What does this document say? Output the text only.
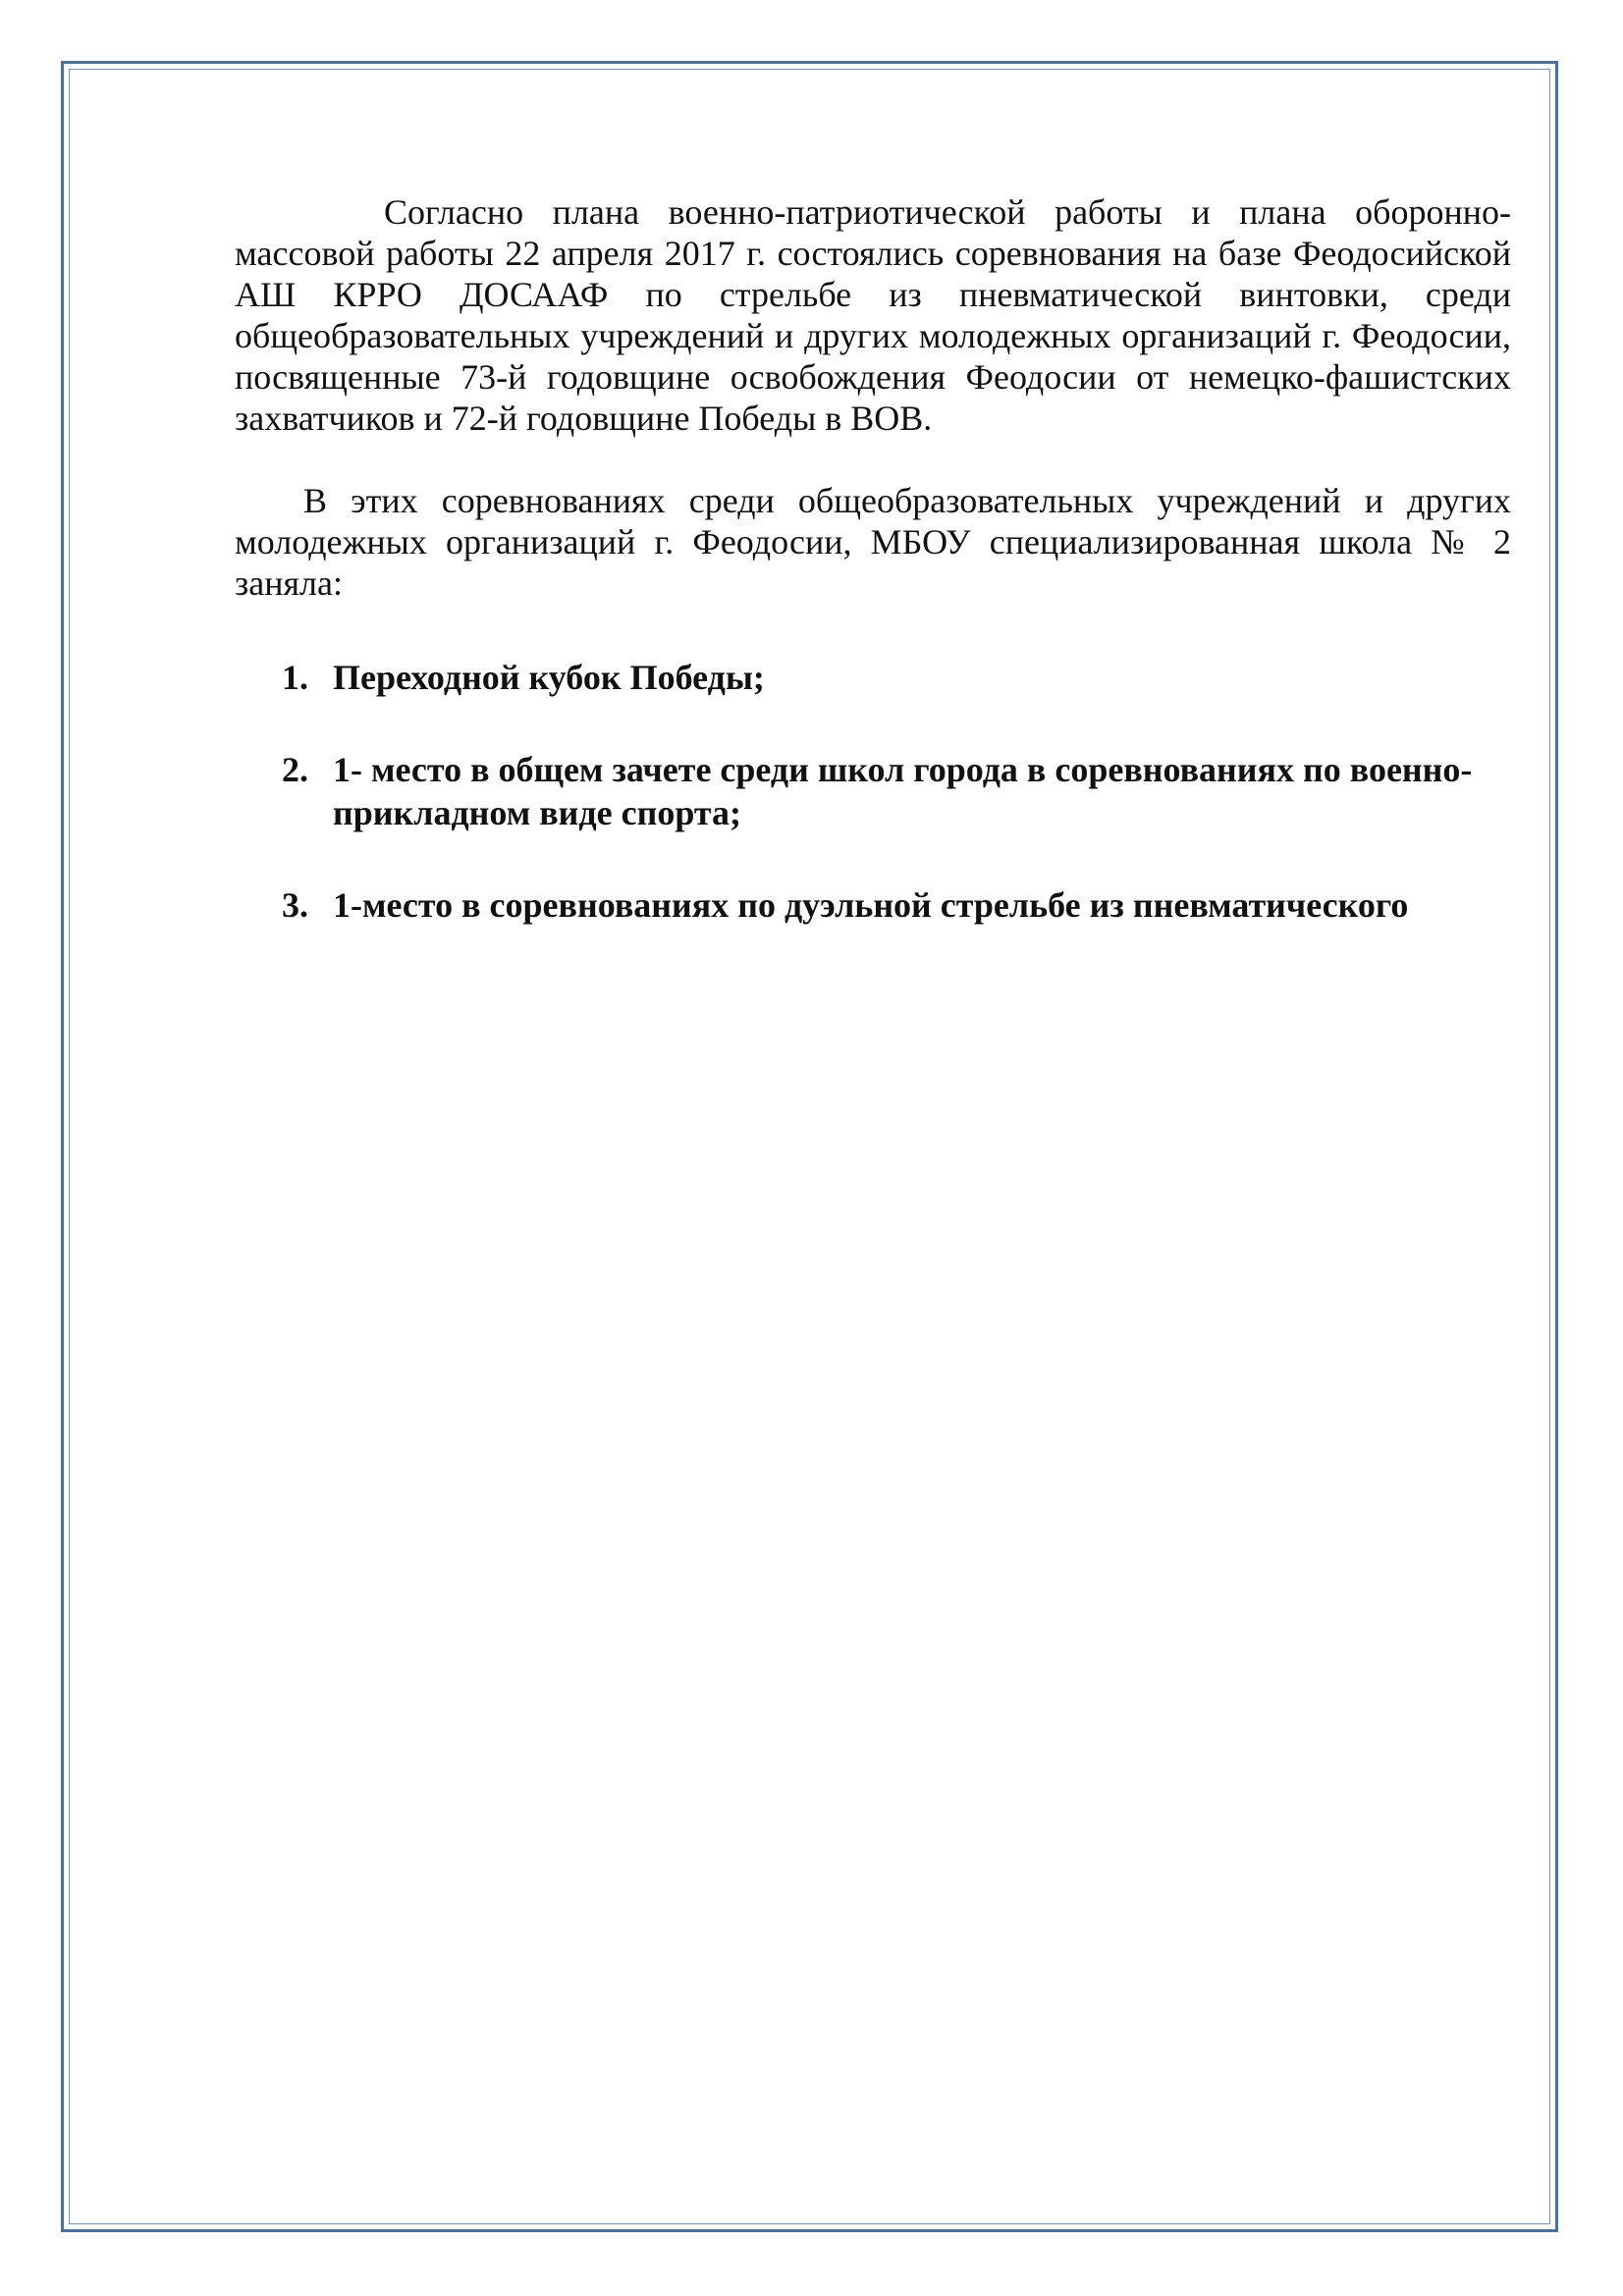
Согласно плана военно-патриотической работы и плана оборонно-массовой работы 22 апреля 2017 г. состоялись соревнования на базе Феодосийской АШ КРРО ДОСААФ по стрельбе из пневматической винтовки, среди общеобразовательных учреждений и других молодежных организаций г. Феодосии, посвященные 73-й годовщине освобождения Феодосии от немецко-фашистских захватчиков и 72-й годовщине Победы в ВОВ.

В этих соревнованиях среди общеобразовательных учреждений и других молодежных организаций г. Феодосии, МБОУ специализированная школа № 2 заняла:

1. Переходной кубок Победы;
2. 1- место в общем зачете среди школ города в соревнованиях по военно-прикладном виде спорта;
3. 1-место в соревнованиях по дуэльной стрельбе из пневматического
